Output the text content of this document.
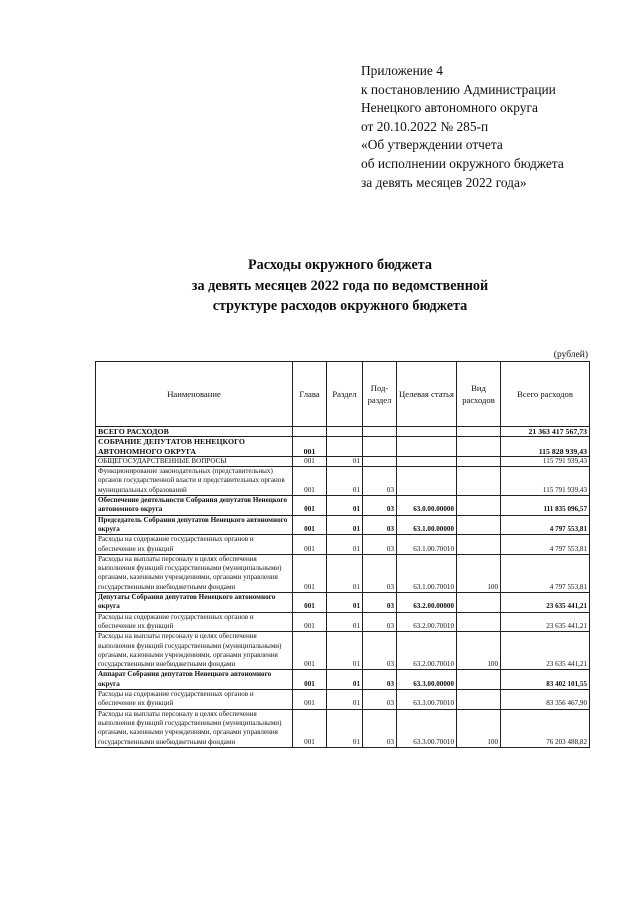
Приложение 4
к постановлению Администрации
Ненецкого автономного округа
от 20.10.2022 № 285-п
«Об утверждении отчета
об исполнении окружного бюджета
за девять месяцев 2022 года»
Расходы окружного бюджета
за девять месяцев 2022 года по ведомственной
структуре расходов окружного бюджета
(рублей)
Наименование	Глава	Раздел	Под-раздел	Целевая статья	Вид расходов	Всего расходов
ВСЕГО РАСХОДОВ						21 363 417 567,73
СОБРАНИЕ ДЕПУТАТОВ НЕНЕЦКОГО АВТОНОМНОГО ОКРУГА	001					115 828 939,43
ОБЩЕГОСУДАРСТВЕННЫЕ ВОПРОСЫ	001	01				115 791 939,43
Функционирование законодательных (представительных) органов государственной власти и представительных органов муниципальных образований	001	01	03			115 791 939,43
Обеспечение деятельности Собрания депутатов Ненецкого автономного округа	001	01	03	63.0.00.00000		111 835 096,57
Председатель Собрания депутатов Ненецкого автономного округа	001	01	03	63.1.00.00000		4 797 553,81
Расходы на содержание государственных органов и обеспечение их функций	001	01	03	63.1.00.70010		4 797 553,81
Расходы на выплаты персоналу в целях обеспечения выполнения функций государственными (муниципальными) органами, казенными учреждениями, органами управления государственными внебюджетными фондами	001	01	03	63.1.00.70010	100	4 797 553,81
Депутаты Собрания депутатов Ненецкого автономного округа	001	01	03	63.2.00.00000		23 635 441,21
Расходы на содержание государственных органов и обеспечение их функций	001	01	03	63.2.00.70010		23 635 441,21
Расходы на выплаты персоналу в целях обеспечения выполнения функций государственными (муниципальными) органами, казенными учреждениями, органами управления государственными внебюджетными фондами	001	01	03	63.2.00.70010	100	23 635 441,21
Аппарат Собрания депутатов Ненецкого автономного округа	001	01	03	63.3.00.00000		83 402 101,55
Расходы на содержание государственных органов и обеспечение их функций	001	01	03	63.3.00.70010		83 356 467,90
Расходы на выплаты персоналу в целях обеспечения выполнения функций государственными (муниципальными) органами, казенными учреждениями, органами управления государственными внебюджетными фондами	001	01	03	63.3.00.70010	100	76 203 488,82
